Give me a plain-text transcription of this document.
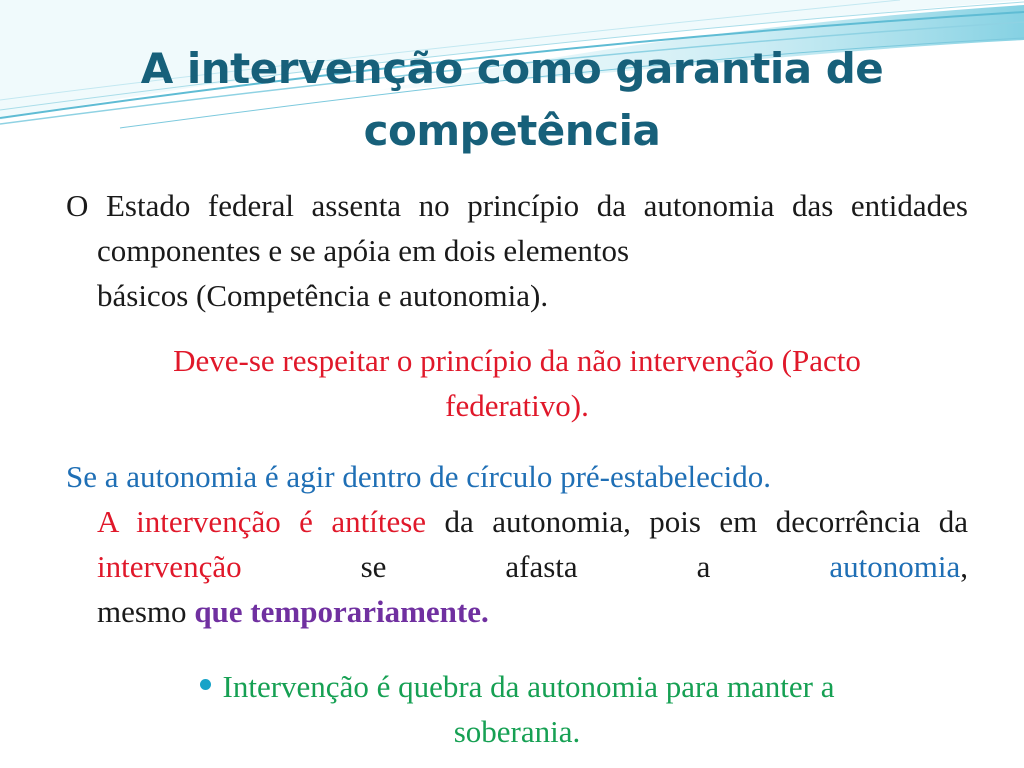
A intervenção como garantia de
competência
O Estado federal assenta no princípio da autonomia das entidades componentes e se apóia em dois elementos
básicos (Competência e autonomia).
Deve-se respeitar o princípio da não intervenção (Pacto
federativo).
Se a autonomia é agir dentro de círculo pré-estabelecido.
A intervenção é antítese da autonomia, pois em decorrência da intervenção se afasta a autonomia,
mesmo que temporariamente.
Intervenção é quebra da autonomia para manter a
soberania.
